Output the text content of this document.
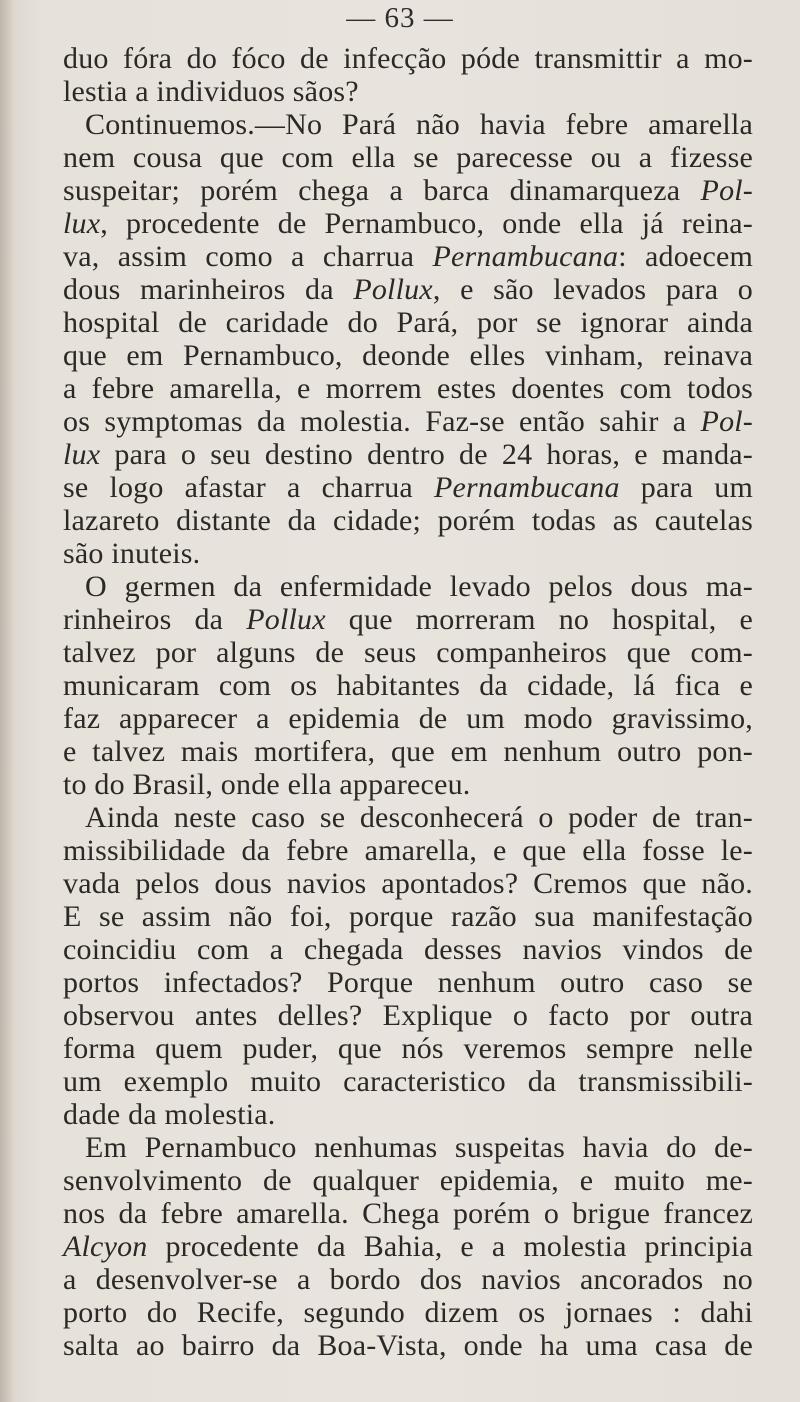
— 63 —
duo fóra do fóco de infecção póde transmittir a mo-
lestia a individuos sãos?
Continuemos.—No Pará não havia febre amarella
nem cousa que com ella se parecesse ou a fizesse
suspeitar; porém chega a barca dinamarqueza Pol-
lux, procedente de Pernambuco, onde ella já reina-
va, assim como a charrua Pernambucana: adoecem
dous marinheiros da Pollux, e são levados para o
hospital de caridade do Pará, por se ignorar ainda
que em Pernambuco, deonde elles vinham, reinava
a febre amarella, e morrem estes doentes com todos
os symptomas da molestia. Faz-se então sahir a Pol-
lux para o seu destino dentro de 24 horas, e manda-
se logo afastar a charrua Pernambucana para um
lazareto distante da cidade; porém todas as cautelas
são inuteis.
O germen da enfermidade levado pelos dous ma-
rinheiros da Pollux que morreram no hospital, e
talvez por alguns de seus companheiros que com-
municaram com os habitantes da cidade, lá fica e
faz apparecer a epidemia de um modo gravissimo,
e talvez mais mortifera, que em nenhum outro pon-
to do Brasil, onde ella appareceu.
Ainda neste caso se desconhecerá o poder de tran-
missibilidade da febre amarella, e que ella fosse le-
vada pelos dous navios apontados? Cremos que não.
E se assim não foi, porque razão sua manifestação
coincidiu com a chegada desses navios vindos de
portos infectados? Porque nenhum outro caso se
observou antes delles? Explique o facto por outra
forma quem puder, que nós veremos sempre nelle
um exemplo muito caracteristico da transmissibili-
dade da molestia.
Em Pernambuco nenhumas suspeitas havia do de-
senvolvimento de qualquer epidemia, e muito me-
nos da febre amarella. Chega porém o brigue francez
Alcyon procedente da Bahia, e a molestia principia
a desenvolver-se a bordo dos navios ancorados no
porto do Recife, segundo dizem os jornaes : dahi
salta ao bairro da Boa-Vista, onde ha uma casa de
